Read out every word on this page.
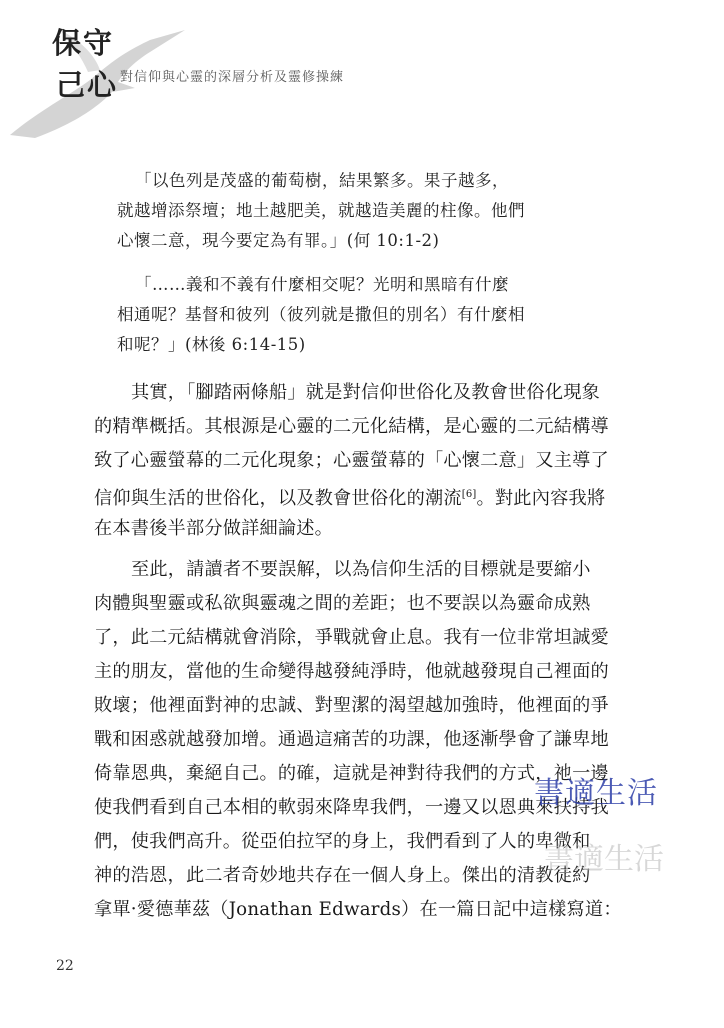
保守
己心 對信仰與心靈的深層分析及靈修操練
「以色列是茂盛的葡萄樹，結果繁多。果子越多，
就越增添祭壇；地土越肥美，就越造美麗的柱像。他們
心懷二意，現今要定為有罪。」(何 10:1-2)
「……義和不義有什麼相交呢？光明和黑暗有什麼
相通呢？基督和彼列（彼列就是撒但的別名）有什麼相
和呢？」(林後 6:14-15)
其實，「腳踏兩條船」就是對信仰世俗化及教會世俗化現象
的精準概括。其根源是心靈的二元化結構，是心靈的二元結構導
致了心靈螢幕的二元化現象；心靈螢幕的「心懷二意」又主導了
信仰與生活的世俗化，以及教會世俗化的潮流[6]。對此內容我將
在本書後半部分做詳細論述。
至此，請讀者不要誤解，以為信仰生活的目標就是要縮小
肉體與聖靈或私欲與靈魂之間的差距；也不要誤以為靈命成熟
了，此二元結構就會消除，爭戰就會止息。我有一位非常坦誠愛
主的朋友，當他的生命變得越發純淨時，他就越發現自己裡面的
敗壞；他裡面對神的忠誠、對聖潔的渴望越加強時，他裡面的爭
戰和困惑就越發加增。通過這痛苦的功課，他逐漸學會了謙卑地
倚靠恩典，棄絕自己。的確，這就是神對待我們的方式，祂一邊
使我們看到自己本相的軟弱來降卑我們，一邊又以恩典來扶持我
們，使我們高升。從亞伯拉罕的身上，我們看到了人的卑微和
神的浩恩，此二者奇妙地共存在一個人身上。傑出的清教徒約
拿單·愛德華茲（Jonathan Edwards）在一篇日記中這樣寫道：
書適生活
書適生活
22
